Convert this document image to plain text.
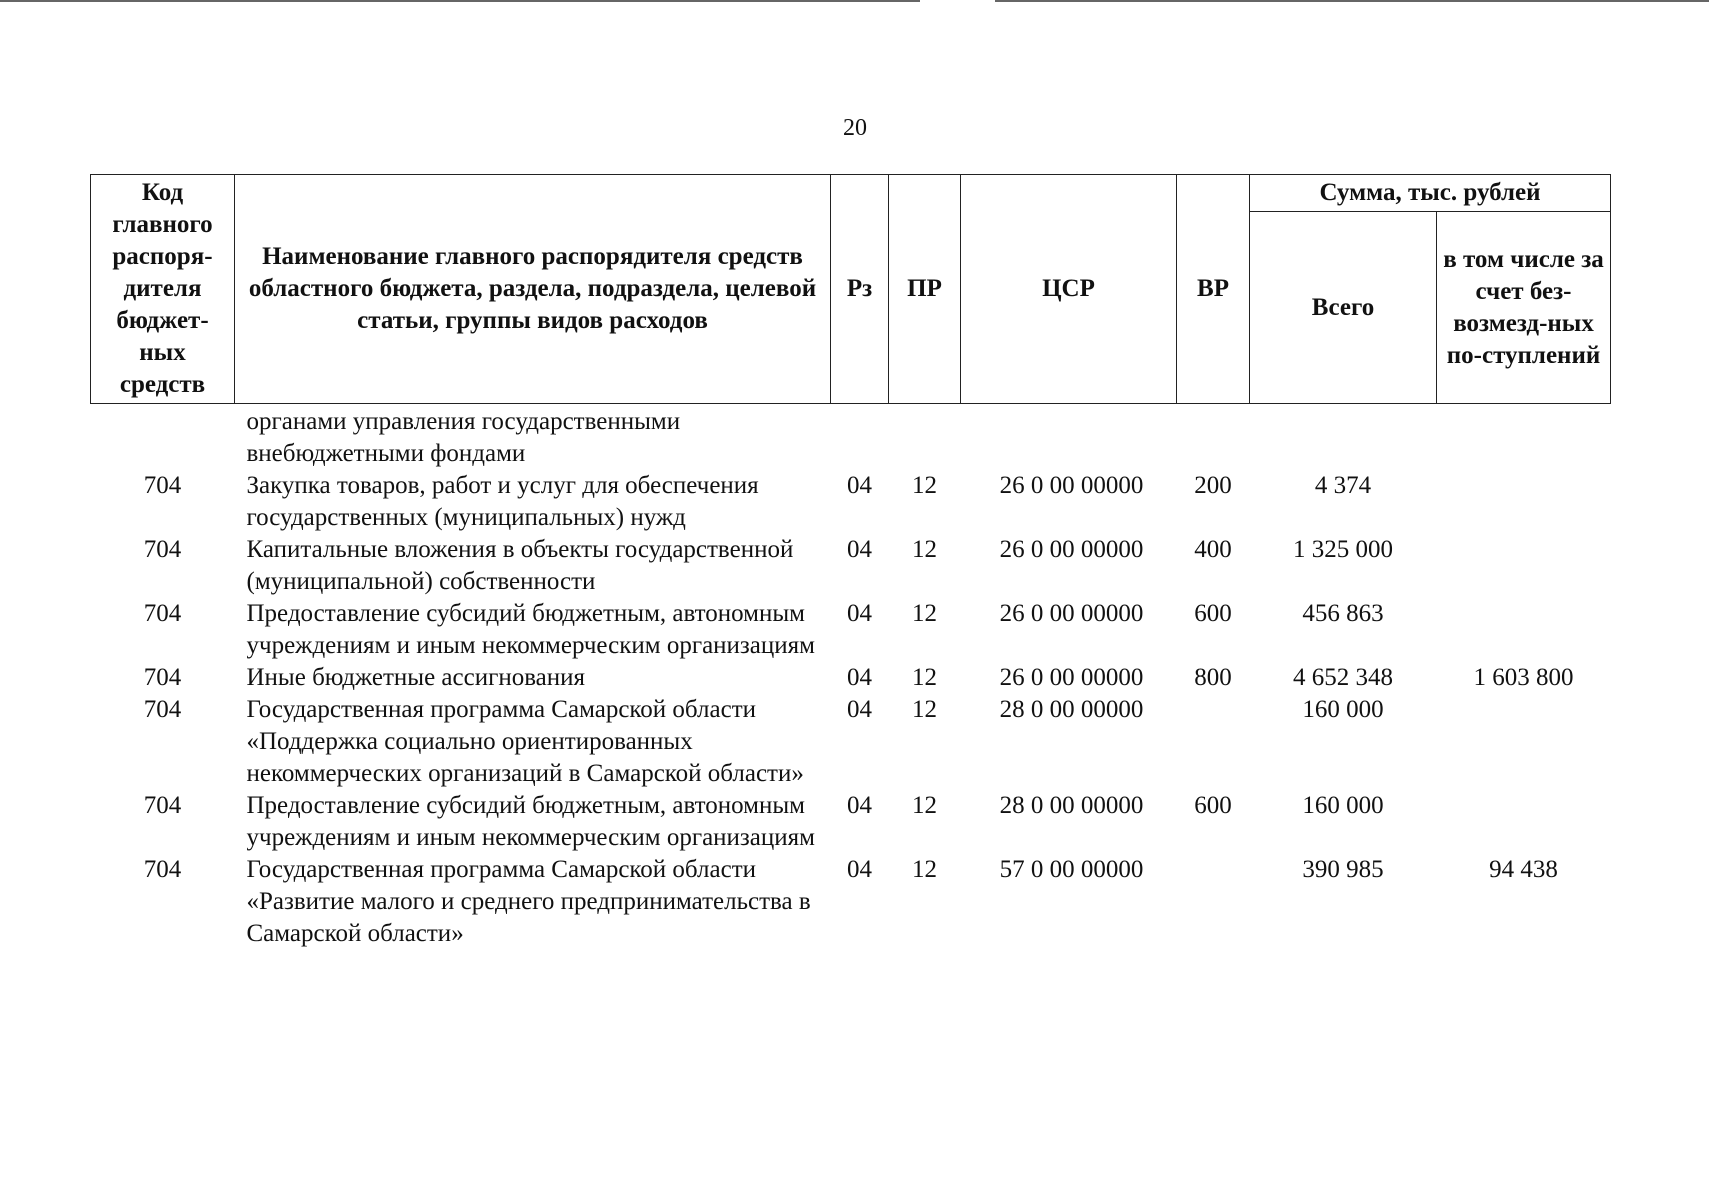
20
Код главного распоря-дителя бюджет-ных средств	Наименование главного распорядителя средств областного бюджета, раздела, подраздела, целевой статьи, группы видов расходов	Рз	ПР	ЦСР	ВР	Сумма, тыс. рублей	
						Всего	в том числе за счет без-возмезд-ных по-ступлений
	органами управления государственными внебюджетными фондами						
704	Закупка товаров, работ и услуг для обеспечения государственных (муниципальных) нужд	04	12	26 0 00 00000	200	4 374	
704	Капитальные вложения в объекты государственной (муниципальной) собственности	04	12	26 0 00 00000	400	1 325 000	
704	Предоставление субсидий бюджетным, автономным учреждениям и иным некоммерческим организациям	04	12	26 0 00 00000	600	456 863	
704	Иные бюджетные ассигнования	04	12	26 0 00 00000	800	4 652 348	1 603 800
704	Государственная программа Самарской области «Поддержка социально ориентированных некоммерческих организаций в Самарской области»	04	12	28 0 00 00000		160 000	
704	Предоставление субсидий бюджетным, автономным учреждениям и иным некоммерческим организациям	04	12	28 0 00 00000	600	160 000	
704	Государственная программа Самарской области «Развитие малого и среднего предпринимательства в Самарской области»	04	12	57 0 00 00000		390 985	94 438
